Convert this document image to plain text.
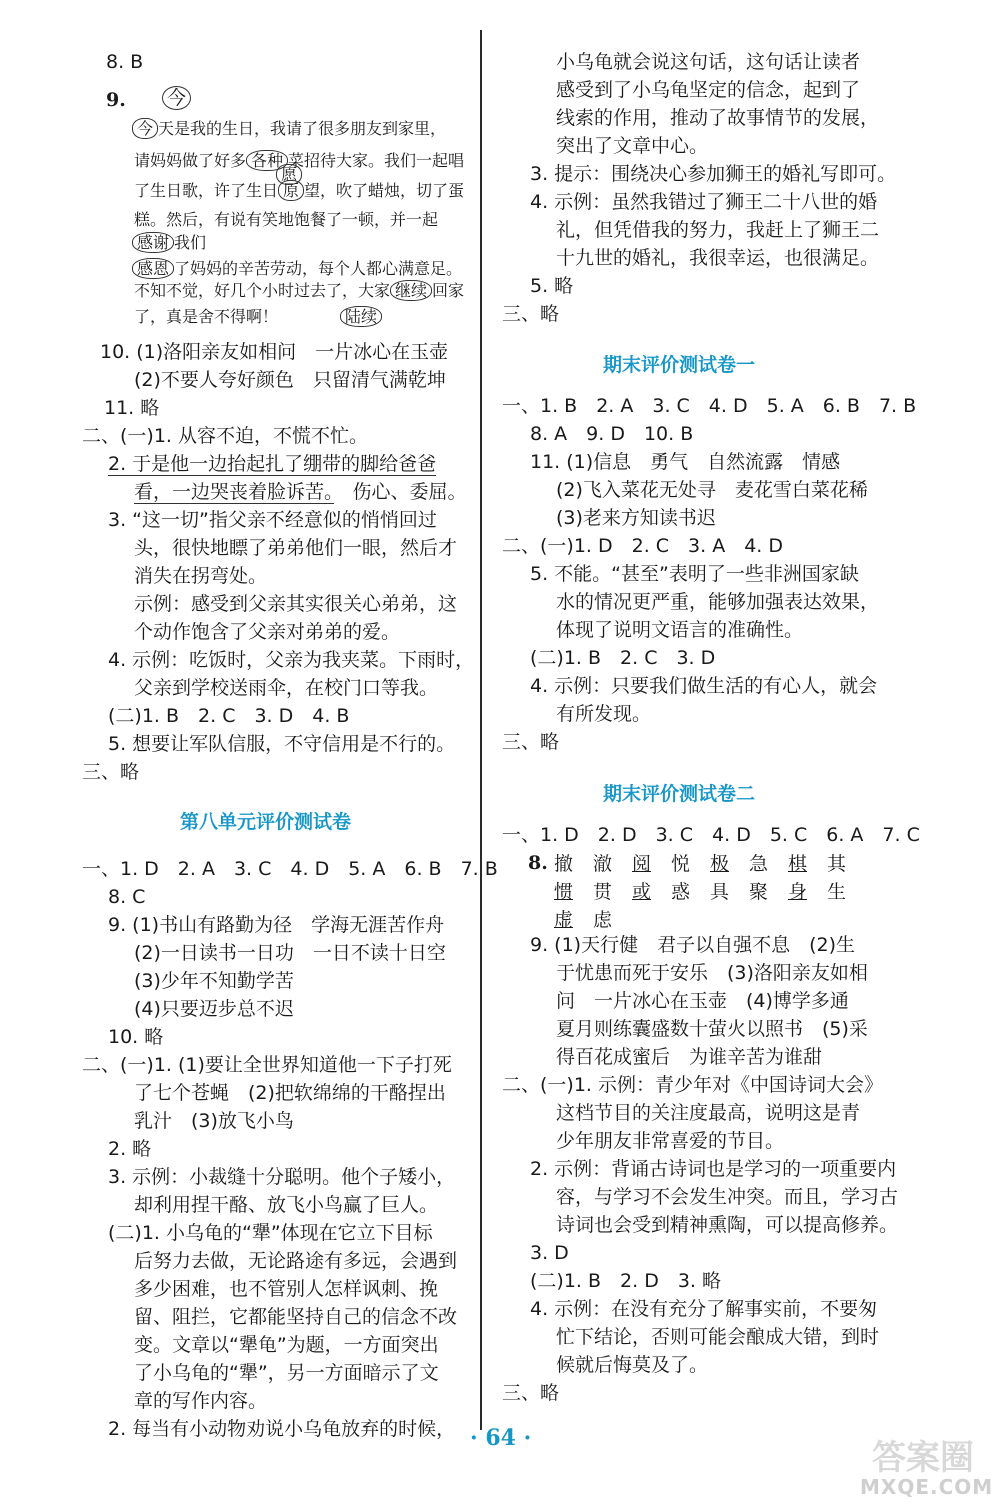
8. B
9. 今
今 天是我的生日，我请了很多朋友到家里，
请妈妈做了好多 各种 菜招待大家。我们一起唱
愿
了生日歌，许了生日 原 望，吹了蜡烛，切了蛋
糕。然后，有说有笑地饱餐了一顿，并一起
感谢 我们
感恩 了妈妈的辛苦劳动，每个人都心满意足。
不知不觉，好几个小时过去了，大家 继续 回家
了，真是舍不得啊！	陆续
10. (1)洛阳亲友如相问　一片冰心在玉壶
(2)不要人夸好颜色　只留清气满乾坤
11. 略
二、(一)1. 从容不迫，不慌不忙。
2. 于是他一边抬起扎了绷带的脚给爸爸
看，一边哭丧着脸诉苦。　伤心、委屈。
3. “这一切”指父亲不经意似的悄悄回过
头，很快地瞟了弟弟他们一眼，然后才
消失在拐弯处。
示例：感受到父亲其实很关心弟弟，这
个动作饱含了父亲对弟弟的爱。
4. 示例：吃饭时，父亲为我夹菜。下雨时，
父亲到学校送雨伞，在校门口等我。
(二)1. B　2. C　3. D　4. B
5. 想要让军队信服，不守信用是不行的。
三、略
第八单元评价测试卷
一、1. D　2. A　3. C　4. D　5. A　6. B　7. B
8. C
9. (1)书山有路勤为径　学海无涯苦作舟
(2)一日读书一日功　一日不读十日空
(3)少年不知勤学苦
(4)只要迈步总不迟
10. 略
二、(一)1. (1)要让全世界知道他一下子打死
了七个苍蝇　(2)把软绵绵的干酪捏出
乳汁　(3)放飞小鸟
2. 略
3. 示例：小裁缝十分聪明。他个子矮小，
却利用捏干酪、放飞小鸟赢了巨人。
(二)1. 小乌龟的“犟”体现在它立下目标
后努力去做，无论路途有多远，会遇到
多少困难，也不管别人怎样讽刺、挽
留、阻拦，它都能坚持自己的信念不改
变。文章以“犟龟”为题，一方面突出
了小乌龟的“犟”，另一方面暗示了文
章的写作内容。
2. 每当有小动物劝说小乌龟放弃的时候，
小乌龟就会说这句话，这句话让读者
感受到了小乌龟坚定的信念，起到了
线索的作用，推动了故事情节的发展，
突出了文章中心。
3. 提示：围绕决心参加狮王的婚礼写即可。
4. 示例：虽然我错过了狮王二十八世的婚
礼，但凭借我的努力，我赶上了狮王二
十九世的婚礼，我很幸运，也很满足。
5. 略
三、略
期末评价测试卷一
一、1. B　2. A　3. C　4. D　5. A　6. B　7. B
8. A　9. D　10. B
11. (1)信息　勇气　自然流露　情感
(2)飞入菜花无处寻　麦花雪白菜花稀
(3)老来方知读书迟
二、(一)1. D　2. C　3. A　4. D
5. 不能。“甚至”表明了一些非洲国家缺
水的情况更严重，能够加强表达效果，
体现了说明文语言的准确性。
(二)1. B　2. C　3. D
4. 示例：只要我们做生活的有心人，就会
有所发现。
三、略
期末评价测试卷二
一、1. D　2. D　3. C　4. D　5. C　6. A　7. C
8. 撤 澈 阅 悦 极 急 棋 其
惯 贯 或 惑 具 聚 身 生
虚 虑
9. (1)天行健　君子以自强不息　(2)生
于忧患而死于安乐　(3)洛阳亲友如相
问　一片冰心在玉壶　(4)博学多通
夏月则练囊盛数十萤火以照书　(5)采
得百花成蜜后　为谁辛苦为谁甜
二、(一)1. 示例：青少年对《中国诗词大会》
这档节目的关注度最高，说明这是青
少年朋友非常喜爱的节目。
2. 示例：背诵古诗词也是学习的一项重要内
容，与学习不会发生冲突。而且，学习古
诗词也会受到精神熏陶，可以提高修养。
3. D
(二)1. B　2. D　3. 略
4. 示例：在没有充分了解事实前，不要匆
忙下结论，否则可能会酿成大错，到时
候就后悔莫及了。
三、略
· 64 ·	答案圈
MXQE.COM
